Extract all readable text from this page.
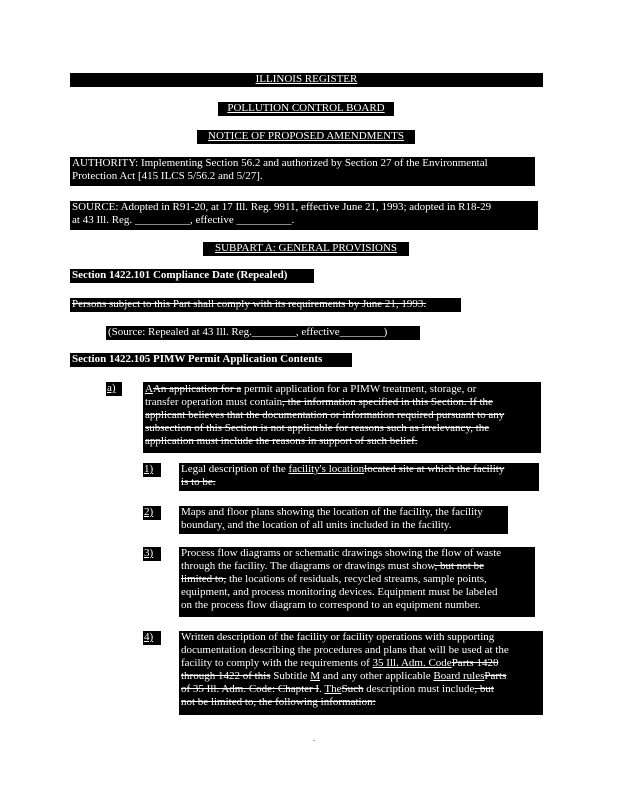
ILLINOIS REGISTER
POLLUTION CONTROL BOARD
NOTICE OF PROPOSED AMENDMENTS
AUTHORITY: Implementing Section 56.2 and authorized by Section 27 of the Environmental
Protection Act [415 ILCS 5/56.2 and 5/27].
SOURCE: Adopted in R91-20, at 17 Ill. Reg. 9911, effective June 21, 1993; adopted in R18-29
at 43 Ill. Reg. __________, effective __________.
SUBPART A: GENERAL PROVISIONS
Section 1422.101 Compliance Date (Repealed)
Persons subject to this Part shall comply with its requirements by June 21, 1993.
(Source: Repealed at 43 Ill. Reg.________, effective________)
Section 1422.105 PIMW Permit Application Contents
a)	AAn application for a permit application for a PIMW treatment, storage, or
transfer operation must contain, the information specified in this Section. If the
applicant believes that the documentation or information required pursuant to any
subsection of this Section is not applicable for reasons such as irrelevancy, the
application must include the reasons in support of such belief.
1)	Legal description of the facility's locationlocated site at which the facility
is to be.
2)	Maps and floor plans showing the location of the facility, the facility
boundary, and the location of all units included in the facility.
3)	Process flow diagrams or schematic drawings showing the flow of waste
through the facility. The diagrams or drawings must show, but not be
limited to, the locations of residuals, recycled streams, sample points,
equipment, and process monitoring devices. Equipment must be labeled
on the process flow diagram to correspond to an equipment number.
4)	Written description of the facility or facility operations with supporting
documentation describing the procedures and plans that will be used at the
facility to comply with the requirements of 35 Ill. Adm. CodeParts 1420
through 1422 of this Subtitle M and any other applicable Board rulesParts
of 35 Ill. Adm. Code: Chapter I. TheSuch description must include, but
not be limited to, the following information:
